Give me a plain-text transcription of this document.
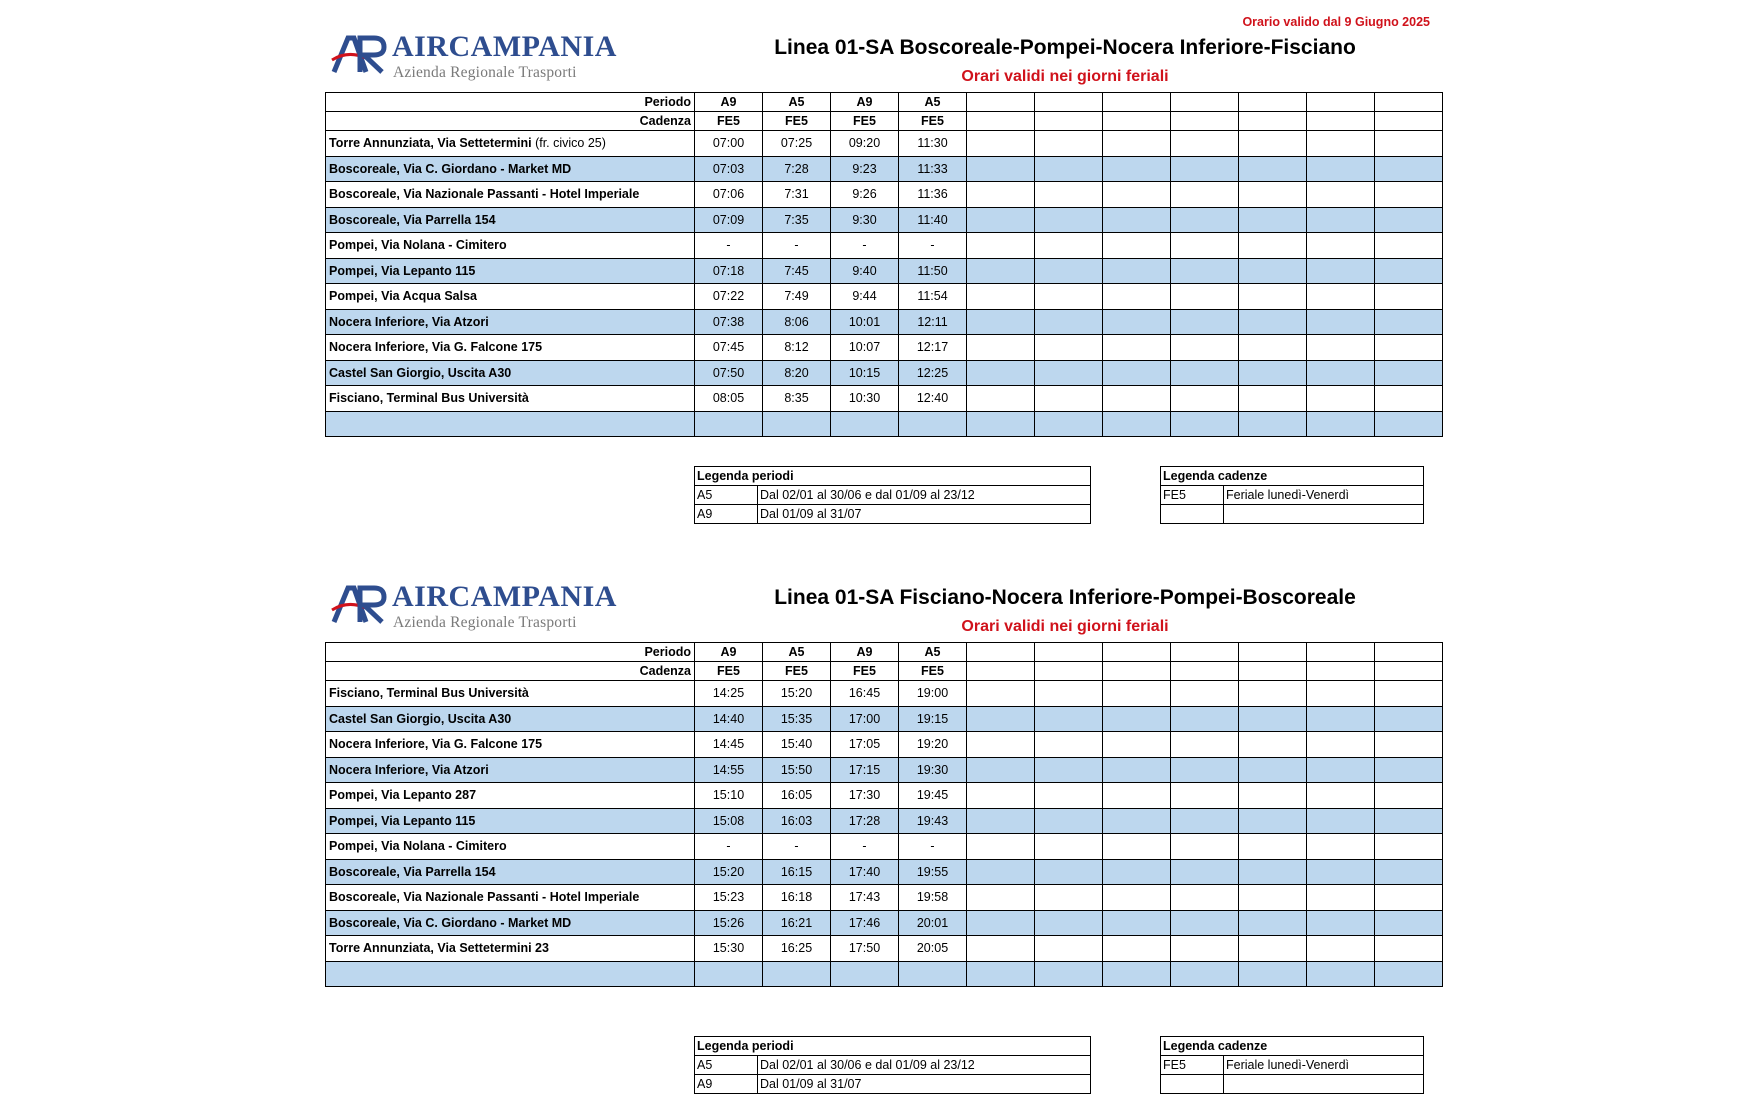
Orario valido dal 9 Giugno 2025
AIRCAMPANIA
Azienda Regionale Trasporti
Linea 01-SA Boscoreale-Pompei-Nocera Inferiore-Fisciano
Orari validi nei giorni feriali
Periodo	A9	A5	A9	A5							
Cadenza	FE5	FE5	FE5	FE5							
Torre Annunziata, Via Settetermini (fr. civico 25)	07:00	07:25	09:20	11:30							
Boscoreale, Via C. Giordano - Market MD	07:03	7:28	9:23	11:33							
Boscoreale, Via Nazionale Passanti - Hotel Imperiale	07:06	7:31	9:26	11:36							
Boscoreale, Via Parrella 154	07:09	7:35	9:30	11:40							
Pompei, Via Nolana - Cimitero	-	-	-	-							
Pompei, Via Lepanto 115	07:18	7:45	9:40	11:50							
Pompei, Via Acqua Salsa	07:22	7:49	9:44	11:54							
Nocera Inferiore, Via Atzori	07:38	8:06	10:01	12:11							
Nocera Inferiore, Via G. Falcone 175	07:45	8:12	10:07	12:17							
Castel San Giorgio, Uscita A30	07:50	8:20	10:15	12:25							
Fisciano, Terminal Bus Università	08:05	8:35	10:30	12:40							

Legenda periodi	
A5	Dal 02/01 al 30/06 e dal 01/09 al 23/12
A9	Dal 01/09 al 31/07
Legenda cadenze	
FE5	Feriale lunedì-Venerdì

AIRCAMPANIA
Azienda Regionale Trasporti
Linea 01-SA Fisciano-Nocera Inferiore-Pompei-Boscoreale
Orari validi nei giorni feriali
Periodo	A9	A5	A9	A5							
Cadenza	FE5	FE5	FE5	FE5							
Fisciano, Terminal Bus Università	14:25	15:20	16:45	19:00							
Castel San Giorgio, Uscita A30	14:40	15:35	17:00	19:15							
Nocera Inferiore, Via G. Falcone 175	14:45	15:40	17:05	19:20							
Nocera Inferiore, Via Atzori	14:55	15:50	17:15	19:30							
Pompei, Via Lepanto 287	15:10	16:05	17:30	19:45							
Pompei, Via Lepanto 115	15:08	16:03	17:28	19:43							
Pompei, Via Nolana - Cimitero	-	-	-	-							
Boscoreale, Via Parrella 154	15:20	16:15	17:40	19:55							
Boscoreale, Via Nazionale Passanti - Hotel Imperiale	15:23	16:18	17:43	19:58							
Boscoreale, Via C. Giordano - Market MD	15:26	16:21	17:46	20:01							
Torre Annunziata, Via Settetermini 23	15:30	16:25	17:50	20:05							

Legenda periodi	
A5	Dal 02/01 al 30/06 e dal 01/09 al 23/12
A9	Dal 01/09 al 31/07
Legenda cadenze	
FE5	Feriale lunedì-Venerdì
